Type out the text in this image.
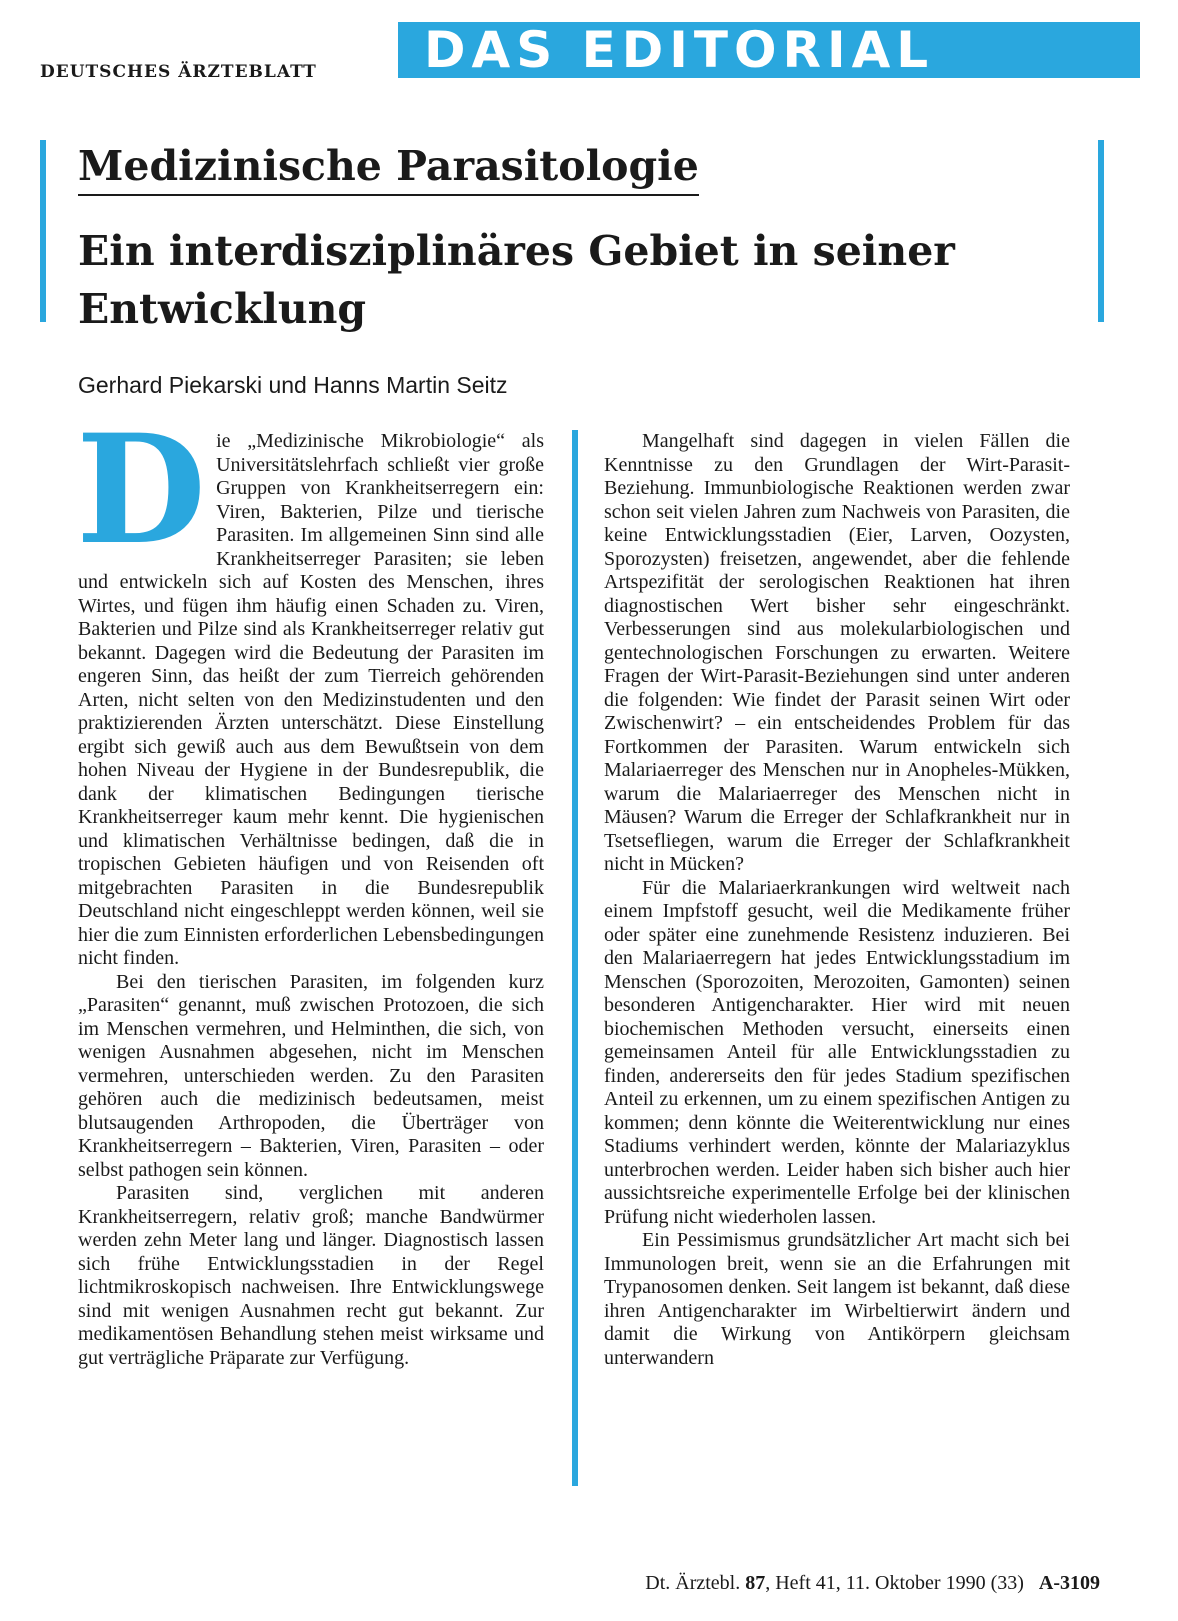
DEUTSCHES ÄRZTEBLATT	DAS EDITORIAL
Medizinische Parasitologie
Ein interdisziplinäres Gebiet in seiner Entwicklung
Gerhard Piekarski und Hanns Martin Seitz
D ie „Medizinische Mikrobiologie“ als Universitätslehrfach schließt vier große Gruppen von Krankheitserregern ein: Viren, Bakterien, Pilze und tierische Parasiten. Im allgemeinen Sinn sind alle Krankheitserreger Parasiten; sie leben und entwickeln sich auf Kosten des Menschen, ihres Wirtes, und fügen ihm häufig einen Schaden zu. Viren, Bakterien und Pilze sind als Krankheitserreger relativ gut bekannt. Dagegen wird die Bedeutung der Parasiten im engeren Sinn, das heißt der zum Tierreich gehörenden Arten, nicht selten von den Medizinstudenten und den praktizierenden Ärzten unterschätzt. Diese Einstellung ergibt sich gewiß auch aus dem Bewußtsein von dem hohen Niveau der Hygiene in der Bundesrepublik, die dank der klimatischen Bedingungen tierische Krankheitserreger kaum mehr kennt. Die hygienischen und klimatischen Verhältnisse bedingen, daß die in tropischen Gebieten häufigen und von Reisenden oft mitgebrachten Parasiten in die Bundesrepublik Deutschland nicht eingeschleppt werden können, weil sie hier die zum Einnisten erforderlichen Lebensbedingungen nicht finden.

Bei den tierischen Parasiten, im folgenden kurz „Parasiten“ genannt, muß zwischen Protozoen, die sich im Menschen vermehren, und Helminthen, die sich, von wenigen Ausnahmen abgesehen, nicht im Menschen vermehren, unterschieden werden. Zu den Parasiten gehören auch die medizinisch bedeutsamen, meist blutsaugenden Arthropoden, die Überträger von Krankheitserregern – Bakterien, Viren, Parasiten – oder selbst pathogen sein können.

Parasiten sind, verglichen mit anderen Krankheitserregern, relativ groß; manche Bandwürmer werden zehn Meter lang und länger. Diagnostisch lassen sich frühe Entwicklungsstadien in der Regel lichtmikroskopisch nachweisen. Ihre Entwicklungswege sind mit wenigen Ausnahmen recht gut bekannt. Zur medikamentösen Behandlung stehen meist wirksame und gut verträgliche Präparate zur Verfügung.

Mangelhaft sind dagegen in vielen Fällen die Kenntnisse zu den Grundlagen der Wirt-Parasit-Beziehung. Immunbiologische Reaktionen werden zwar schon seit vielen Jahren zum Nachweis von Parasiten, die keine Entwicklungsstadien (Eier, Larven, Oozysten, Sporozysten) freisetzen, angewendet, aber die fehlende Artspezifität der serologischen Reaktionen hat ihren diagnostischen Wert bisher sehr eingeschränkt. Verbesserungen sind aus molekularbiologischen und gentechnologischen Forschungen zu erwarten. Weitere Fragen der Wirt-Parasit-Beziehungen sind unter anderen die folgenden: Wie findet der Parasit seinen Wirt oder Zwischenwirt? – ein entscheidendes Problem für das Fortkommen der Parasiten. Warum entwickeln sich Malariaerreger des Menschen nur in Anopheles-Mükken, warum die Malariaerreger des Menschen nicht in Mäusen? Warum die Erreger der Schlafkrankheit nur in Tsetsefliegen, warum die Erreger der Schlafkrankheit nicht in Mücken?

Für die Malariaerkrankungen wird weltweit nach einem Impfstoff gesucht, weil die Medikamente früher oder später eine zunehmende Resistenz induzieren. Bei den Malariaerregern hat jedes Entwicklungsstadium im Menschen (Sporozoiten, Merozoiten, Gamonten) seinen besonderen Antigencharakter. Hier wird mit neuen biochemischen Methoden versucht, einerseits einen gemeinsamen Anteil für alle Entwicklungsstadien zu finden, andererseits den für jedes Stadium spezifischen Anteil zu erkennen, um zu einem spezifischen Antigen zu kommen; denn könnte die Weiterentwicklung nur eines Stadiums verhindert werden, könnte der Malariazyklus unterbrochen werden. Leider haben sich bisher auch hier aussichtsreiche experimentelle Erfolge bei der klinischen Prüfung nicht wiederholen lassen.

Ein Pessimismus grundsätzlicher Art macht sich bei Immunologen breit, wenn sie an die Erfahrungen mit Trypanosomen denken. Seit langem ist bekannt, daß diese ihren Antigencharakter im Wirbeltierwirt ändern und damit die Wirkung von Antikörpern gleichsam unterwandern

Dt. Ärztebl. 87, Heft 41, 11. Oktober 1990 (33) A-3109
